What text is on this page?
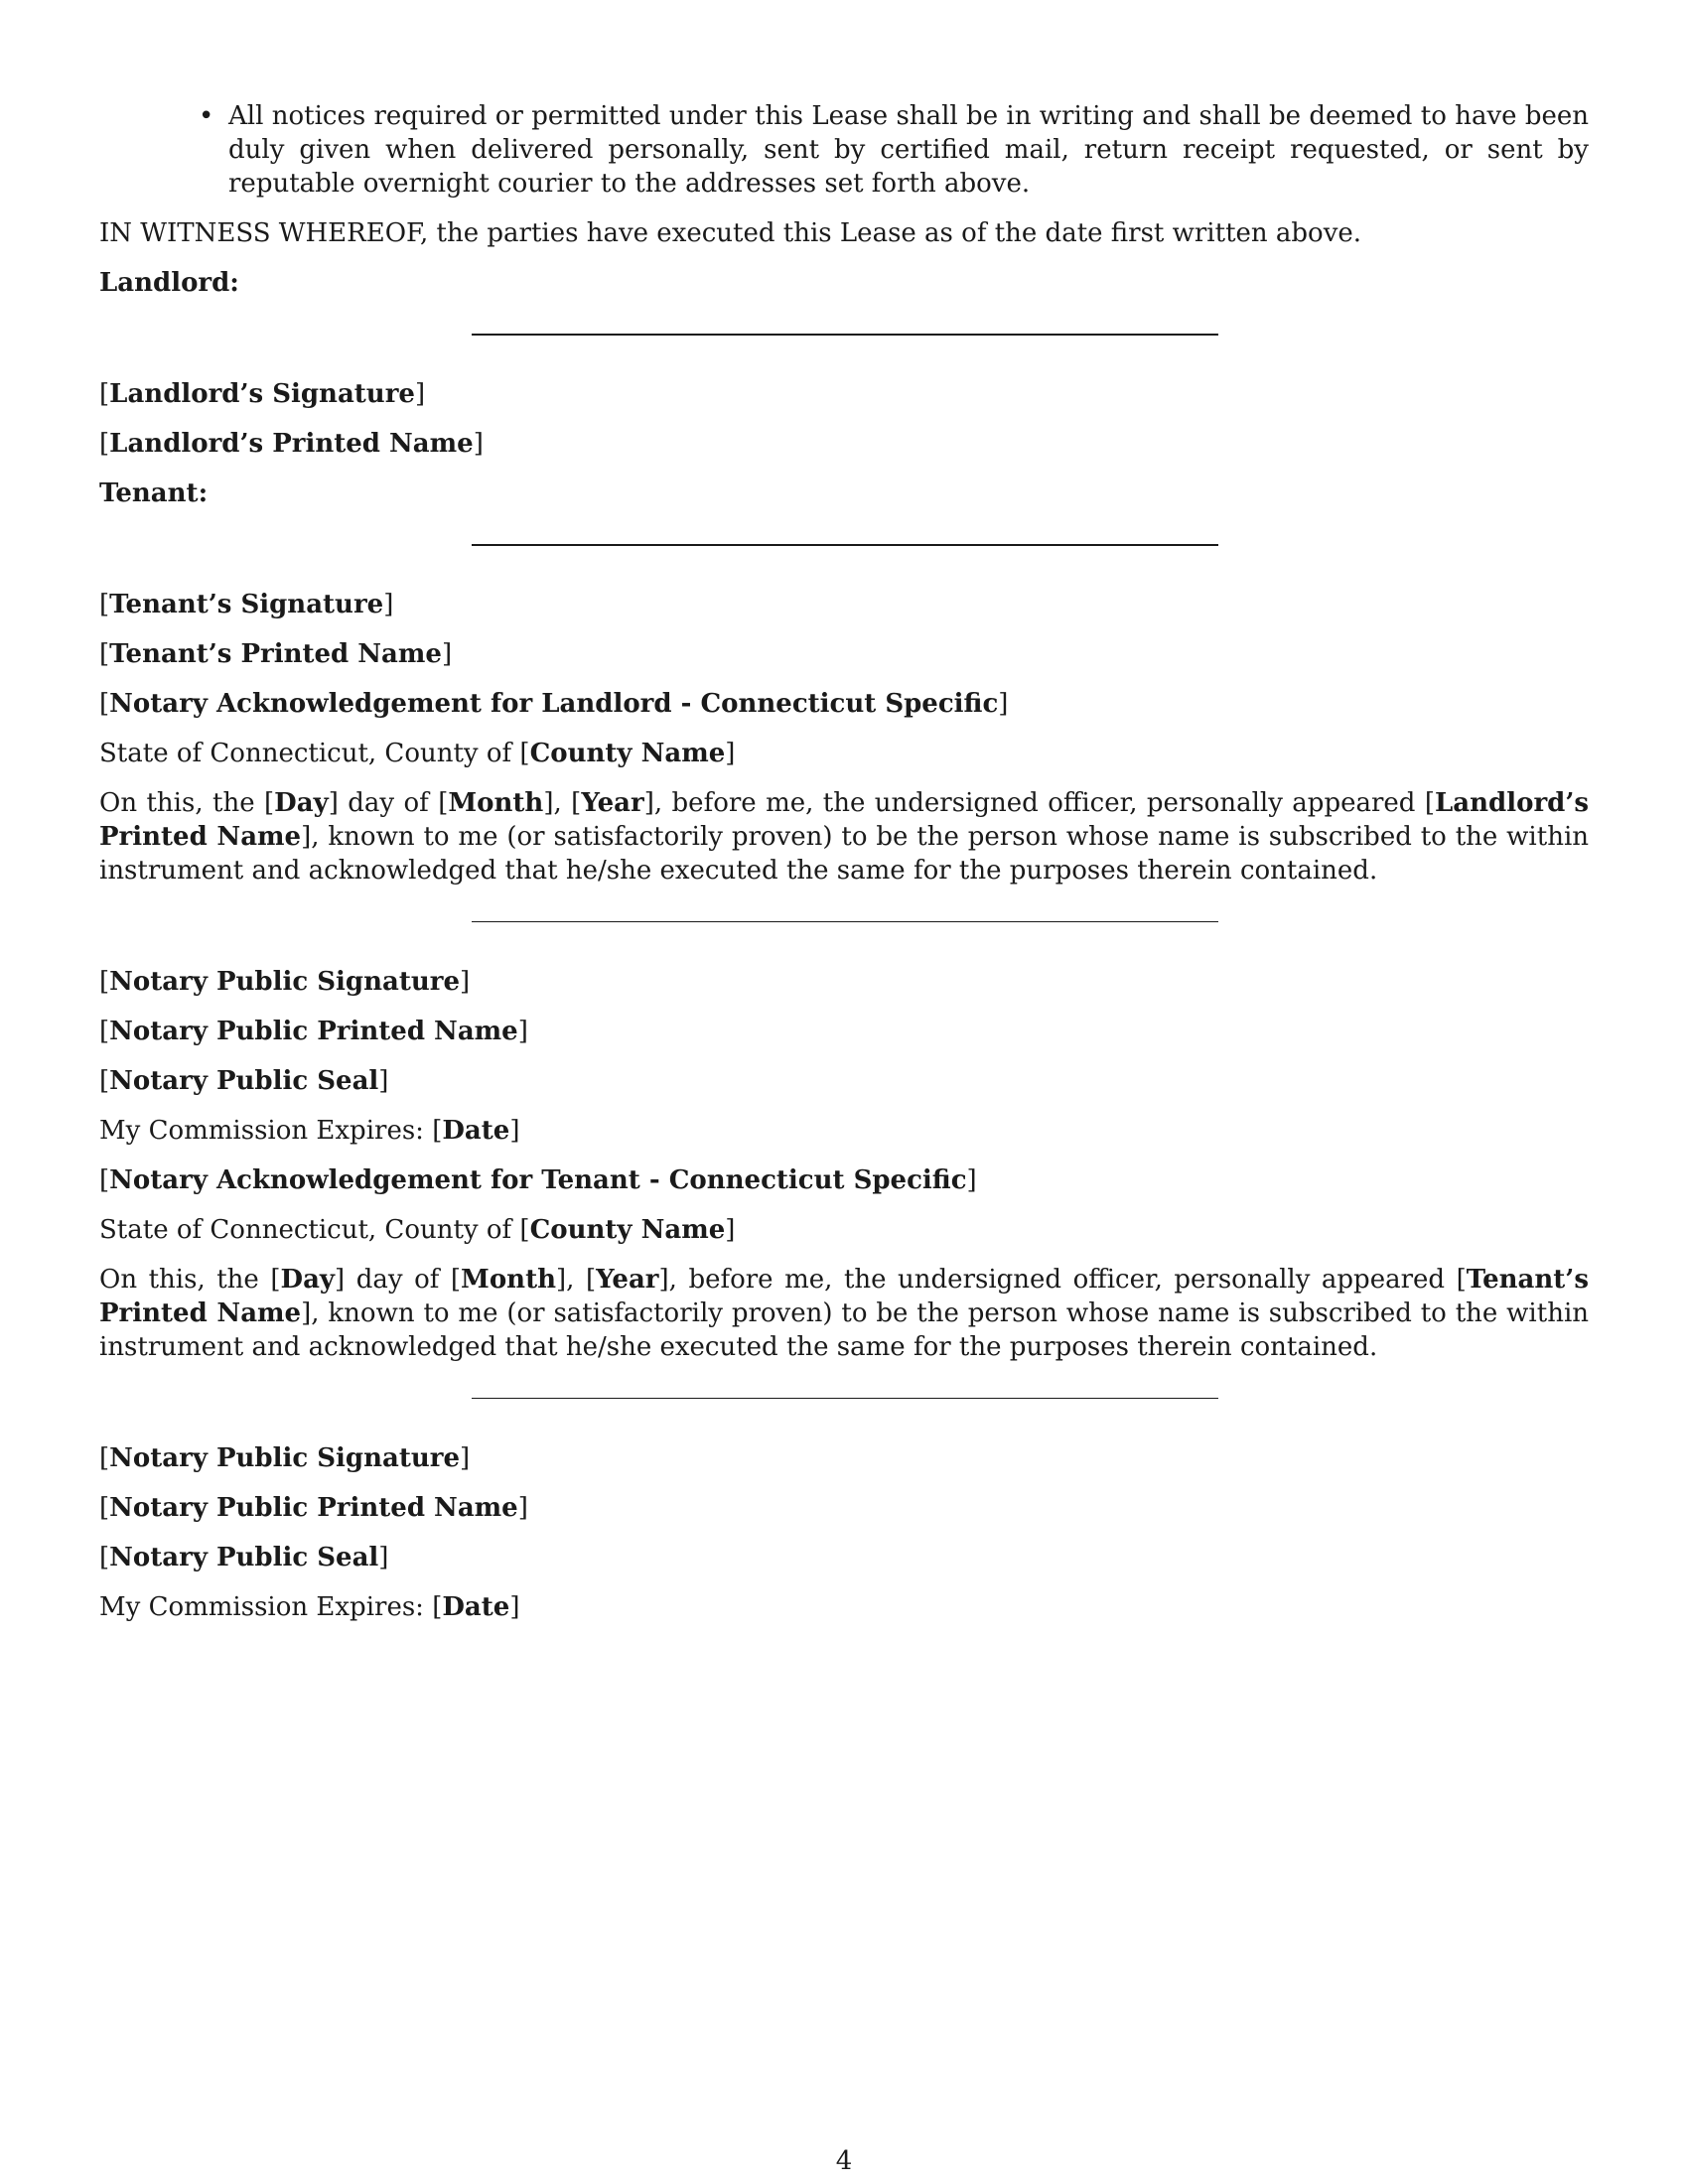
• All notices required or permitted under this Lease shall be in writing and shall be deemed to have been duly given when delivered personally, sent by certified mail, return receipt requested, or sent by reputable overnight courier to the addresses set forth above.

IN WITNESS WHEREOF, the parties have executed this Lease as of the date first written above.

Landlord:

[Landlord’s Signature]

[Landlord’s Printed Name]

Tenant:

[Tenant’s Signature]

[Tenant’s Printed Name]

[Notary Acknowledgement for Landlord - Connecticut Specific]

State of Connecticut, County of [County Name]

On this, the [Day] day of [Month], [Year], before me, the undersigned officer, personally appeared [Landlord’s Printed Name], known to me (or satisfactorily proven) to be the person whose name is subscribed to the within instrument and acknowledged that he/she executed the same for the purposes therein contained.

[Notary Public Signature]

[Notary Public Printed Name]

[Notary Public Seal]

My Commission Expires: [Date]

[Notary Acknowledgement for Tenant - Connecticut Specific]

State of Connecticut, County of [County Name]

On this, the [Day] day of [Month], [Year], before me, the undersigned officer, personally appeared [Tenant’s Printed Name], known to me (or satisfactorily proven) to be the person whose name is subscribed to the within instrument and acknowledged that he/she executed the same for the purposes therein contained.

[Notary Public Signature]

[Notary Public Printed Name]

[Notary Public Seal]

My Commission Expires: [Date]

4
